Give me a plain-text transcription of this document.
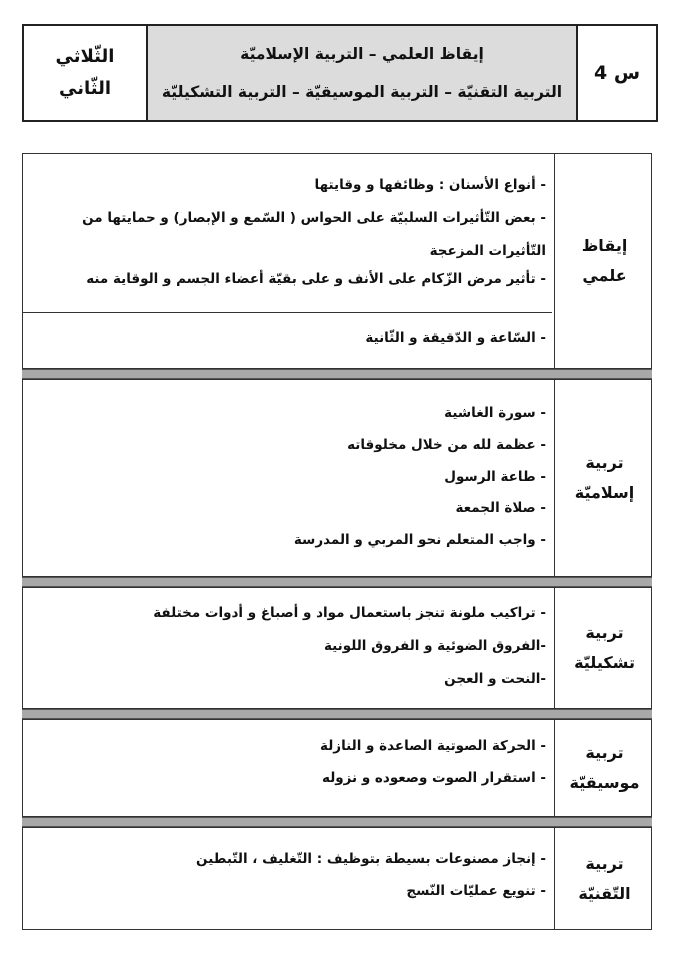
الثّلاثي
الثّاني
إيقاظ العلمي – التربية الإسلاميّة
التربية التقنيّة – التربية الموسيقيّة – التربية التشكيليّة
س 4
إيقاظ
علمي
- أنواع الأسنان : وظائفها و وقايتها
- بعض التّأثيرات السلبيّة على الحواس ( السّمع و الإبصار) و حمايتها من
التّأثيرات المزعجة
- تأثير مرض الزّكام على الأنف و على بقيّة أعضاء الجسم و الوقاية منه
- السّاعة و الدّقيقة و الثّانية
تربية
إسلاميّة
- سورة الغاشية
- عظمة لله من خلال مخلوقاته
- طاعة الرسول
- صلاة الجمعة
- واجب المتعلم نحو المربي و المدرسة
تربية
تشكيليّة
- تراكيب ملونة تنجز باستعمال مواد و أصباغ و أدوات مختلفة
-الفروق الضوئية و الفروق اللونية
-النحت و العجن
تربية
موسيقيّة
- الحركة الصوتية الصاعدة و النازلة
- استقرار الصوت وصعوده و نزوله
تربية
التّقنيّة
- إنجاز مصنوعات بسيطة بتوظيف : التّغليف ، التّبطين
- تنويع عمليّات النّسج
